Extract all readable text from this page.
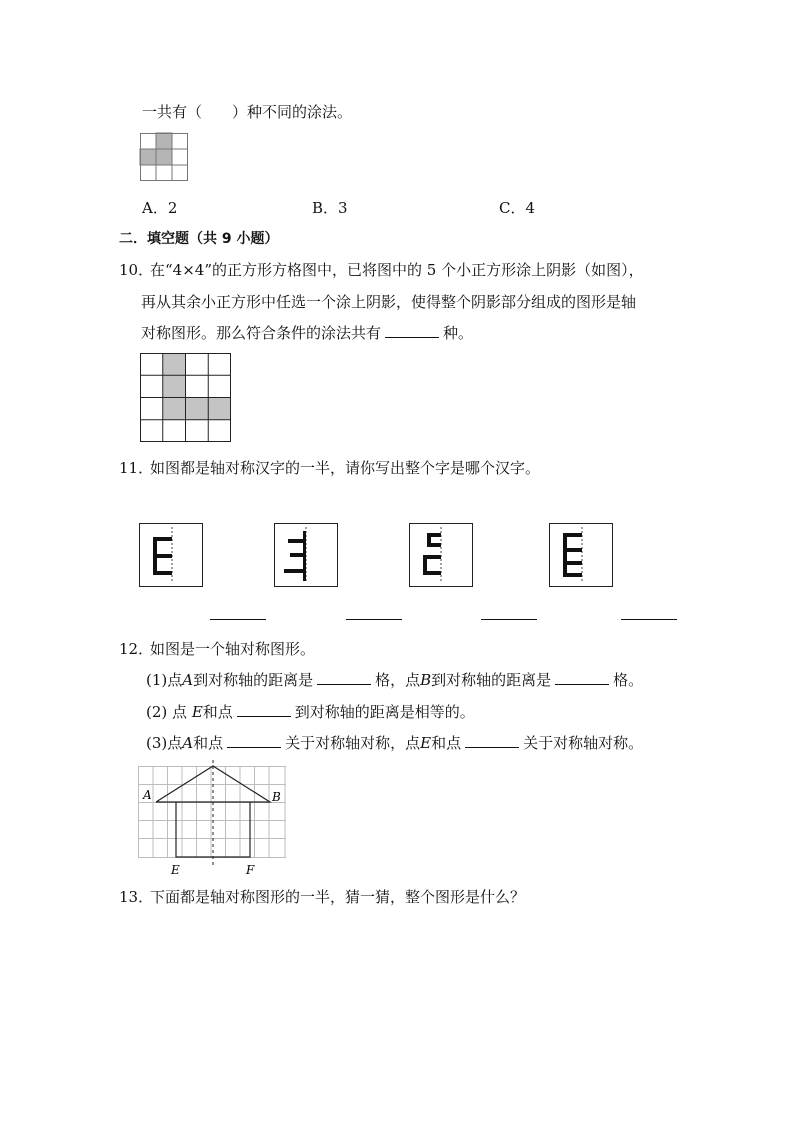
一共有（　　）种不同的涂法。
A．2	B．3	C．4
二．填空题（共 9 小题）
10．
在“4×4”的正方形方格图中，已将图中的 5 个小正方形涂上阴影（如图），
再从其余小正方形中任选一个涂上阴影，使得整个阴影部分组成的图形是轴
对称图形。那么符合条件的涂法共有	种。
11．
如图都是轴对称汉字的一半，请你写出整个字是哪个汉字。
12．
如图是一个轴对称图形。
(1)点A到对称轴的距离是	格，点B到对称轴的距离是	格。
(2) 点 E和点	到对称轴的距离是相等的。
(3)点A和点	关于对称轴对称，点E和点	关于对称轴对称。
A	B
E	F
13．
下面都是轴对称图形的一半，猜一猜，整个图形是什么？
